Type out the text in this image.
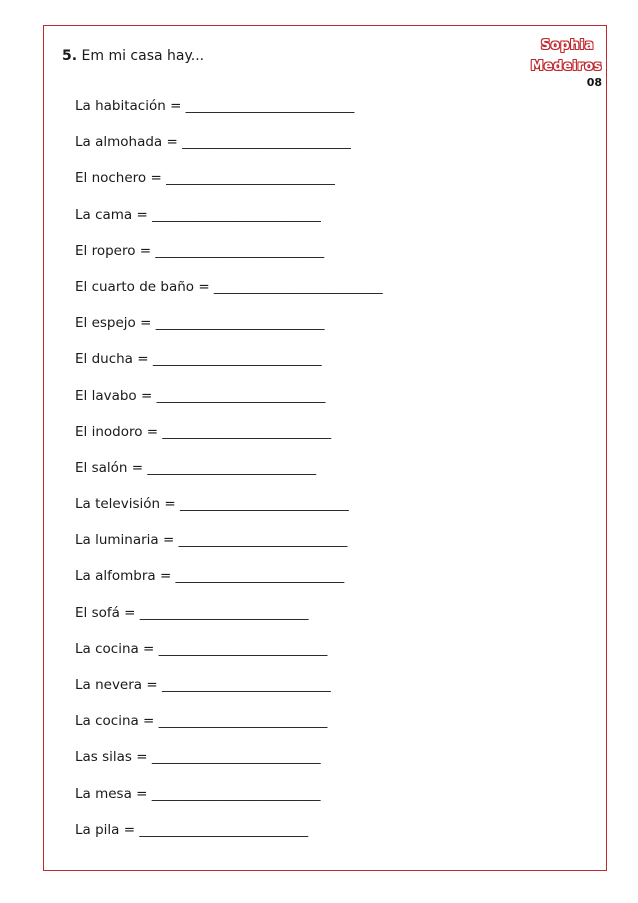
5. Em mi casa hay...
Sophia
Medeiros
08
La habitación = _________________________
La almohada = _________________________
El nochero = _________________________
La cama = _________________________
El ropero = _________________________
El cuarto de baño = _________________________
El espejo = _________________________
El ducha = _________________________
El lavabo = _________________________
El inodoro = _________________________
El salón = _________________________
La televisión = _________________________
La luminaria = _________________________
La alfombra = _________________________
El sofá = _________________________
La cocina = _________________________
La nevera = _________________________
La cocina = _________________________
Las silas = _________________________
La mesa = _________________________
La pila = _________________________
